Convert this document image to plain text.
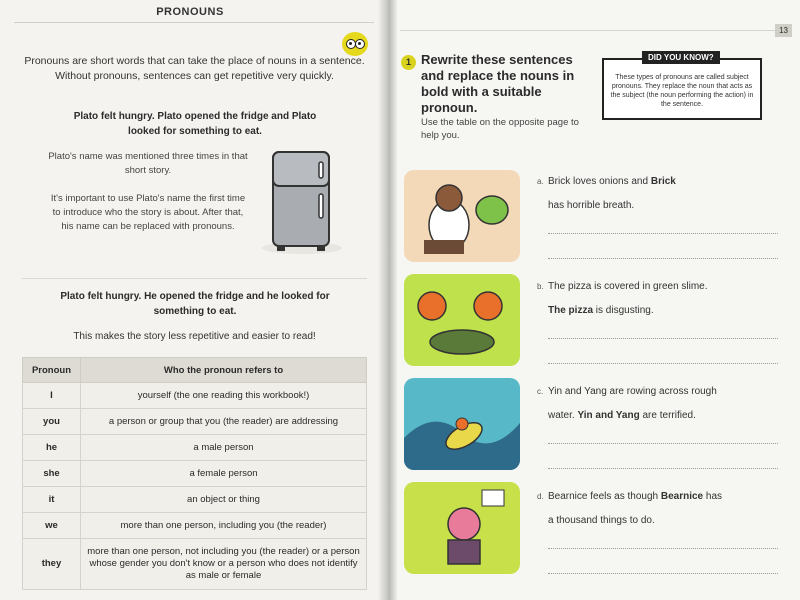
PRONOUNS
Pronouns are short words that can take the place of nouns in a sentence. Without pronouns, sentences can get repetitive very quickly.
Plato felt hungry. Plato opened the fridge and Plato looked for something to eat.
Plato's name was mentioned three times in that short story.
It's important to use Plato's name the first time to introduce who the story is about. After that, his name can be replaced with pronouns.
Plato felt hungry. He opened the fridge and he looked for something to eat.
This makes the story less repetitive and easier to read!
Pronoun	Who the pronoun refers to
I	yourself (the one reading this workbook!)
you	a person or group that you (the reader) are addressing
he	a male person
she	a female person
it	an object or thing
we	more than one person, including you (the reader)
they	more than one person, not including you (the reader) or a person whose gender you don't know or a person who does not identify as male or female
13
1 Rewrite these sentences and replace the nouns in bold with a suitable pronoun.
Use the table on the opposite page to help you.
DID YOU KNOW?
These types of pronouns are called subject pronouns. They replace the noun that acts as the subject (the noun performing the action) in the sentence.
a. Brick loves onions and Brick
has horrible breath.
b. The pizza is covered in green slime.
The pizza is disgusting.
c. Yin and Yang are rowing across rough
water. Yin and Yang are terrified.
d. Bearnice feels as though Bearnice has
a thousand things to do.
